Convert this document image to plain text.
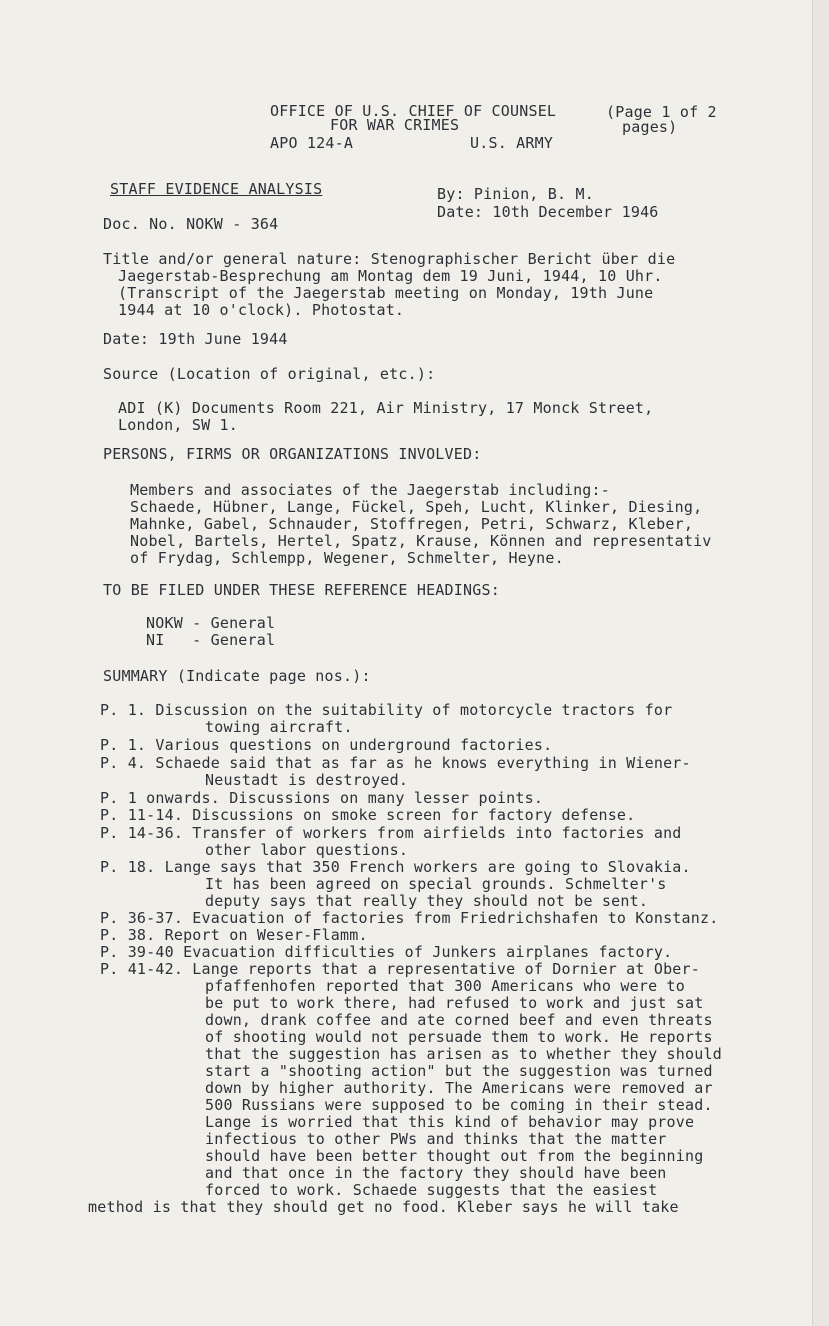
OFFICE OF U.S. CHIEF OF COUNSEL
FOR WAR CRIMES
APO 124-A	U.S. ARMY
(Page 1 of 2
pages)
STAFF EVIDENCE ANALYSIS	By: Pinion, B. M.
Date: 10th December 1946
Doc. No. NOKW - 364
Title and/or general nature: Stenographischer Bericht über die
Jaegerstab-Besprechung am Montag dem 19 Juni, 1944, 10 Uhr.
(Transcript of the Jaegerstab meeting on Monday, 19th June
1944 at 10 o'clock). Photostat.
Date: 19th June 1944
Source (Location of original, etc.):
ADI (K) Documents Room 221, Air Ministry, 17 Monck Street,
London, SW 1.
PERSONS, FIRMS OR ORGANIZATIONS INVOLVED:
Members and associates of the Jaegerstab including:-
Schaede, Hübner, Lange, Fückel, Speh, Lucht, Klinker, Diesing,
Mahnke, Gabel, Schnauder, Stoffregen, Petri, Schwarz, Kleber,
Nobel, Bartels, Hertel, Spatz, Krause, Können and representativ
of Frydag, Schlempp, Wegener, Schmelter, Heyne.
TO BE FILED UNDER THESE REFERENCE HEADINGS:
NOKW - General
NI   - General
SUMMARY (Indicate page nos.):
P. 1. Discussion on the suitability of motorcycle tractors for
towing aircraft.
P. 1. Various questions on underground factories.
P. 4. Schaede said that as far as he knows everything in Wiener-
Neustadt is destroyed.
P. 1 onwards. Discussions on many lesser points.
P. 11-14. Discussions on smoke screen for factory defense.
P. 14-36. Transfer of workers from airfields into factories and
other labor questions.
P. 18. Lange says that 350 French workers are going to Slovakia.
It has been agreed on special grounds. Schmelter's
deputy says that really they should not be sent.
P. 36-37. Evacuation of factories from Friedrichshafen to Konstanz.
P. 38. Report on Weser-Flamm.
P. 39-40 Evacuation difficulties of Junkers airplanes factory.
P. 41-42. Lange reports that a representative of Dornier at Ober-
pfaffenhofen reported that 300 Americans who were to
be put to work there, had refused to work and just sat
down, drank coffee and ate corned beef and even threats
of shooting would not persuade them to work. He reports
that the suggestion has arisen as to whether they should
start a "shooting action" but the suggestion was turned
down by higher authority. The Americans were removed ar
500 Russians were supposed to be coming in their stead.
Lange is worried that this kind of behavior may prove
infectious to other PWs and thinks that the matter
should have been better thought out from the beginning
and that once in the factory they should have been
forced to work. Schaede suggests that the easiest
method is that they should get no food. Kleber says he will take
